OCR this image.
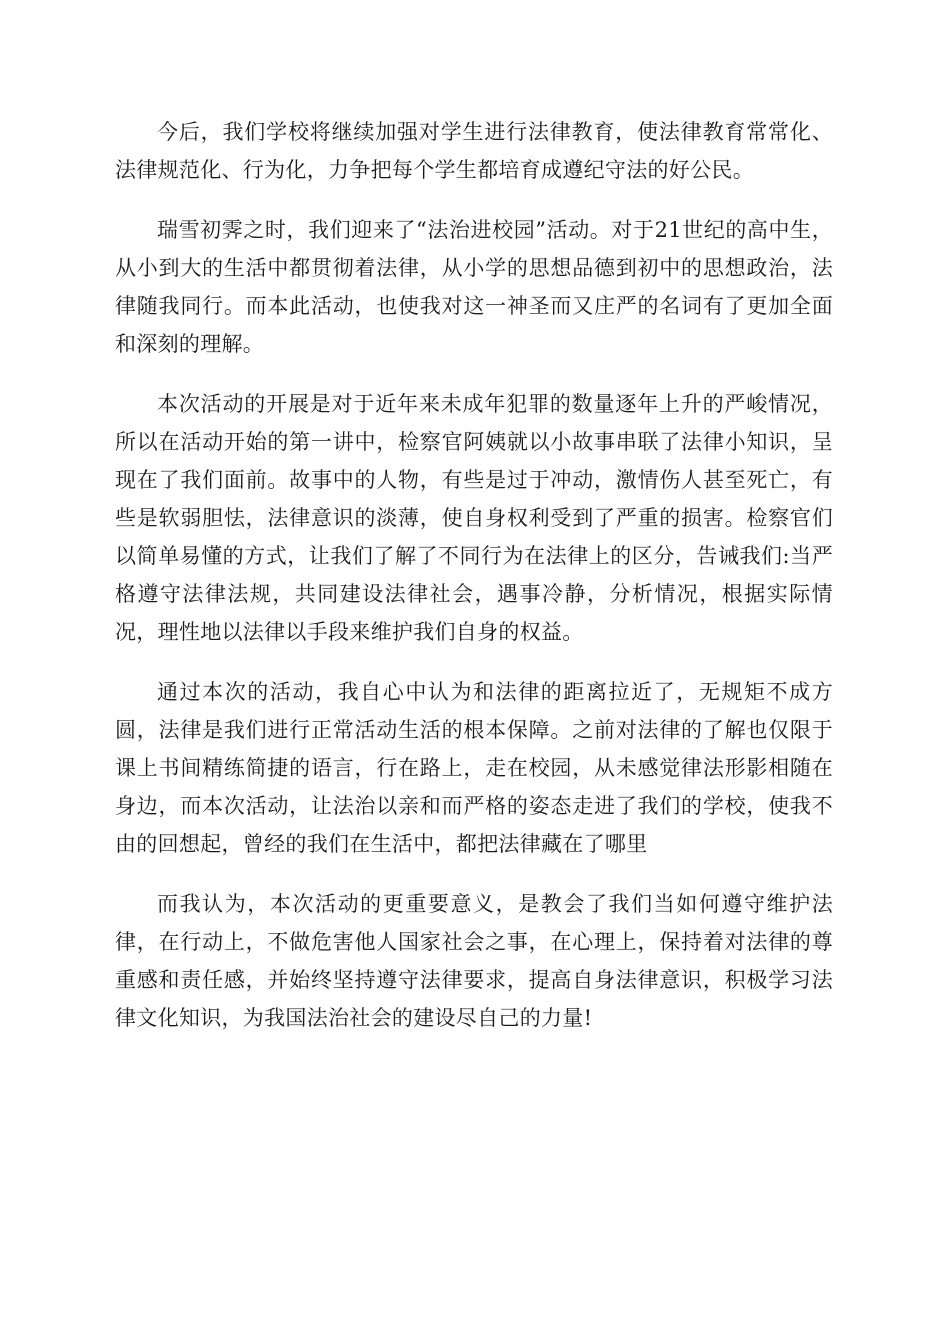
今后，我们学校将继续加强对学生进行法律教育，使法律教育常常化、法律规范化、行为化，力争把每个学生都培育成遵纪守法的好公民。

瑞雪初霁之时，我们迎来了“法治进校园”活动。对于21世纪的高中生，从小到大的生活中都贯彻着法律，从小学的思想品德到初中的思想政治，法律随我同行。而本此活动，也使我对这一神圣而又庄严的名词有了更加全面和深刻的理解。

本次活动的开展是对于近年来未成年犯罪的数量逐年上升的严峻情况，所以在活动开始的第一讲中，检察官阿姨就以小故事串联了法律小知识，呈现在了我们面前。故事中的人物，有些是过于冲动，激情伤人甚至死亡，有些是软弱胆怯，法律意识的淡薄，使自身权利受到了严重的损害。检察官们以简单易懂的方式，让我们了解了不同行为在法律上的区分，告诫我们:当严格遵守法律法规，共同建设法律社会，遇事冷静，分析情况，根据实际情况，理性地以法律以手段来维护我们自身的权益。

通过本次的活动，我自心中认为和法律的距离拉近了，无规矩不成方圆，法律是我们进行正常活动生活的根本保障。之前对法律的了解也仅限于课上书间精练简捷的语言，行在路上，走在校园，从未感觉律法形影相随在身边，而本次活动，让法治以亲和而严格的姿态走进了我们的学校，使我不由的回想起，曾经的我们在生活中，都把法律藏在了哪里

而我认为，本次活动的更重要意义，是教会了我们当如何遵守维护法律，在行动上，不做危害他人国家社会之事，在心理上，保持着对法律的尊重感和责任感，并始终坚持遵守法律要求，提高自身法律意识，积极学习法律文化知识，为我国法治社会的建设尽自己的力量!
